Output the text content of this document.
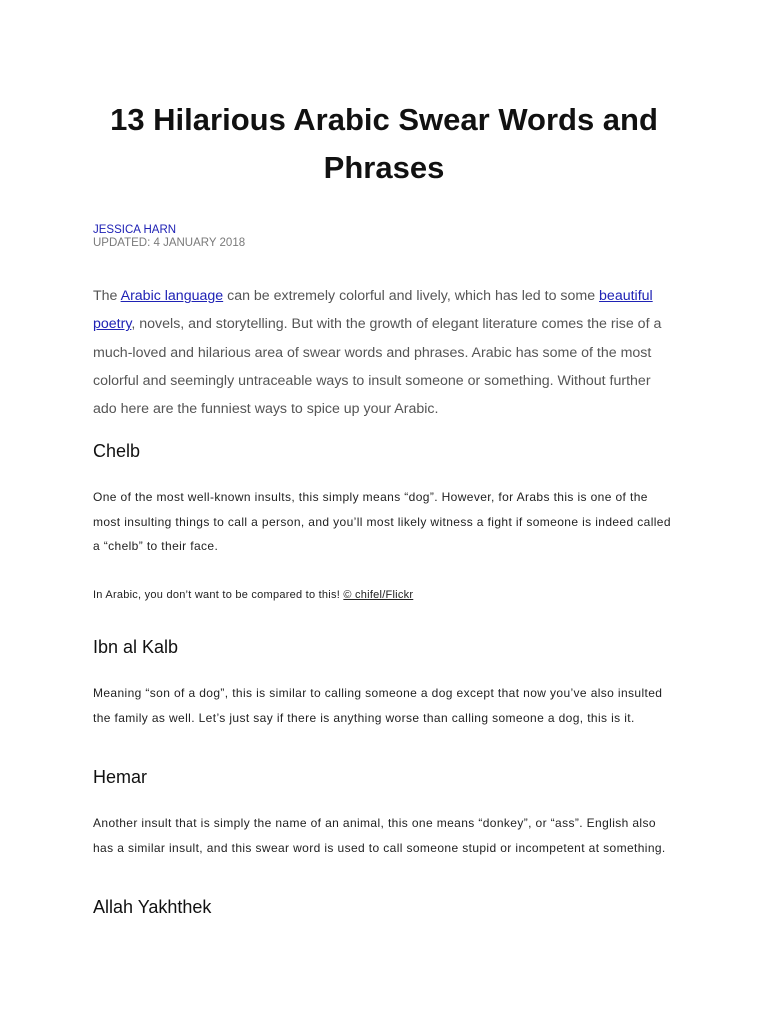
13 Hilarious Arabic Swear Words and
Phrases
JESSICA HARN
UPDATED: 4 JANUARY 2018
The Arabic language can be extremely colorful and lively, which has led to some beautiful
poetry, novels, and storytelling. But with the growth of elegant literature comes the rise of a
much-loved and hilarious area of swear words and phrases. Arabic has some of the most
colorful and seemingly untraceable ways to insult someone or something. Without further
ado here are the funniest ways to spice up your Arabic.
Chelb
One of the most well-known insults, this simply means “dog”. However, for Arabs this is one of the
most insulting things to call a person, and you’ll most likely witness a fight if someone is indeed called
a “chelb” to their face.
In Arabic, you don’t want to be compared to this! © chifel/Flickr
Ibn al Kalb
Meaning “son of a dog”, this is similar to calling someone a dog except that now you’ve also insulted
the family as well. Let’s just say if there is anything worse than calling someone a dog, this is it.
Hemar
Another insult that is simply the name of an animal, this one means “donkey”, or “ass”. English also
has a similar insult, and this swear word is used to call someone stupid or incompetent at something.
Allah Yakhthek
